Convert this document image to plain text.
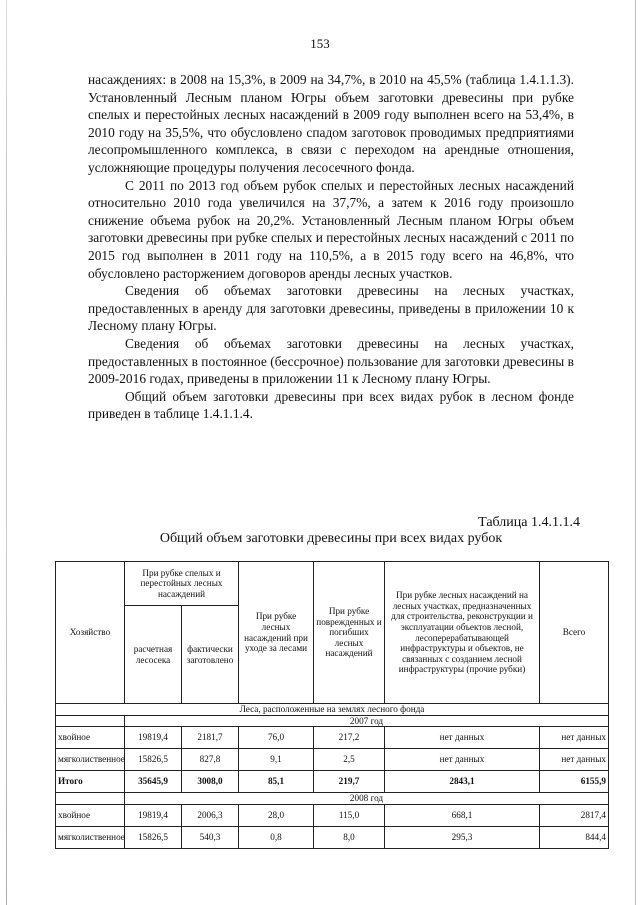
153

насаждениях: в 2008 на 15,3%, в 2009 на 34,7%, в 2010 на 45,5% (таблица 1.4.1.1.3). Установленный Лесным планом Югры объем заготовки древесины при рубке спелых и перестойных лесных насаждений в 2009 году выполнен всего на 53,4%, в 2010 году на 35,5%, что обусловлено спадом заготовок проводимых предприятиями лесопромышленного комплекса, в связи с переходом на арендные отношения, усложняющие процедуры получения лесосечного фонда.

С 2011 по 2013 год объем рубок спелых и перестойных лесных насаждений относительно 2010 года увеличился на 37,7%, а затем к 2016 году произошло снижение объема рубок на 20,2%. Установленный Лесным планом Югры объем заготовки древесины при рубке спелых и перестойных лесных насаждений с 2011 по 2015 год выполнен в 2011 году на 110,5%, а в 2015 году всего на 46,8%, что обусловлено расторжением договоров аренды лесных участков.

Сведения об объемах заготовки древесины на лесных участках, предоставленных в аренду для заготовки древесины, приведены в приложении 10 к Лесному плану Югры.

Сведения об объемах заготовки древесины на лесных участках, предоставленных в постоянное (бессрочное) пользование для заготовки древесины в 2009-2016 годах, приведены в приложении 11 к Лесному плану Югры.

Общий объем заготовки древесины при всех видах рубок в лесном фонде приведен в таблице 1.4.1.1.4.

Таблица 1.4.1.1.4
Общий объем заготовки древесины при всех видах рубок
Хозяйство	При рубке спелых и перестойных лесных насаждений		При рубке лесных насаждений при уходе за лесами	При рубке поврежденных и погибших лесных насаждений	При рубке лесных насаждений на лесных участках, предназначенных для строительства, реконструкции и эксплуатации объектов лесной, лесоперерабатывающей инфраструктуры и объектов, не связанных с созданием лесной инфраструктуры (прочие рубки)	Всего
	расчетная лесосека	фактически заготовлено				
Леса, расположенные на землях лесного фонда						
	2007 год					
хвойное	19819,4	2181,7	76,0	217,2	нет данных	нет данных
мягколиственное	15826,5	827,8	9,1	2,5	нет данных	нет данных
Итого	35645,9	3008,0	85,1	219,7	2843,1	6155,9
	2008 год					
хвойное	19819,4	2006,3	28,0	115,0	668,1	2817,4
мягколиственное	15826,5	540,3	0,8	8,0	295,3	844,4
